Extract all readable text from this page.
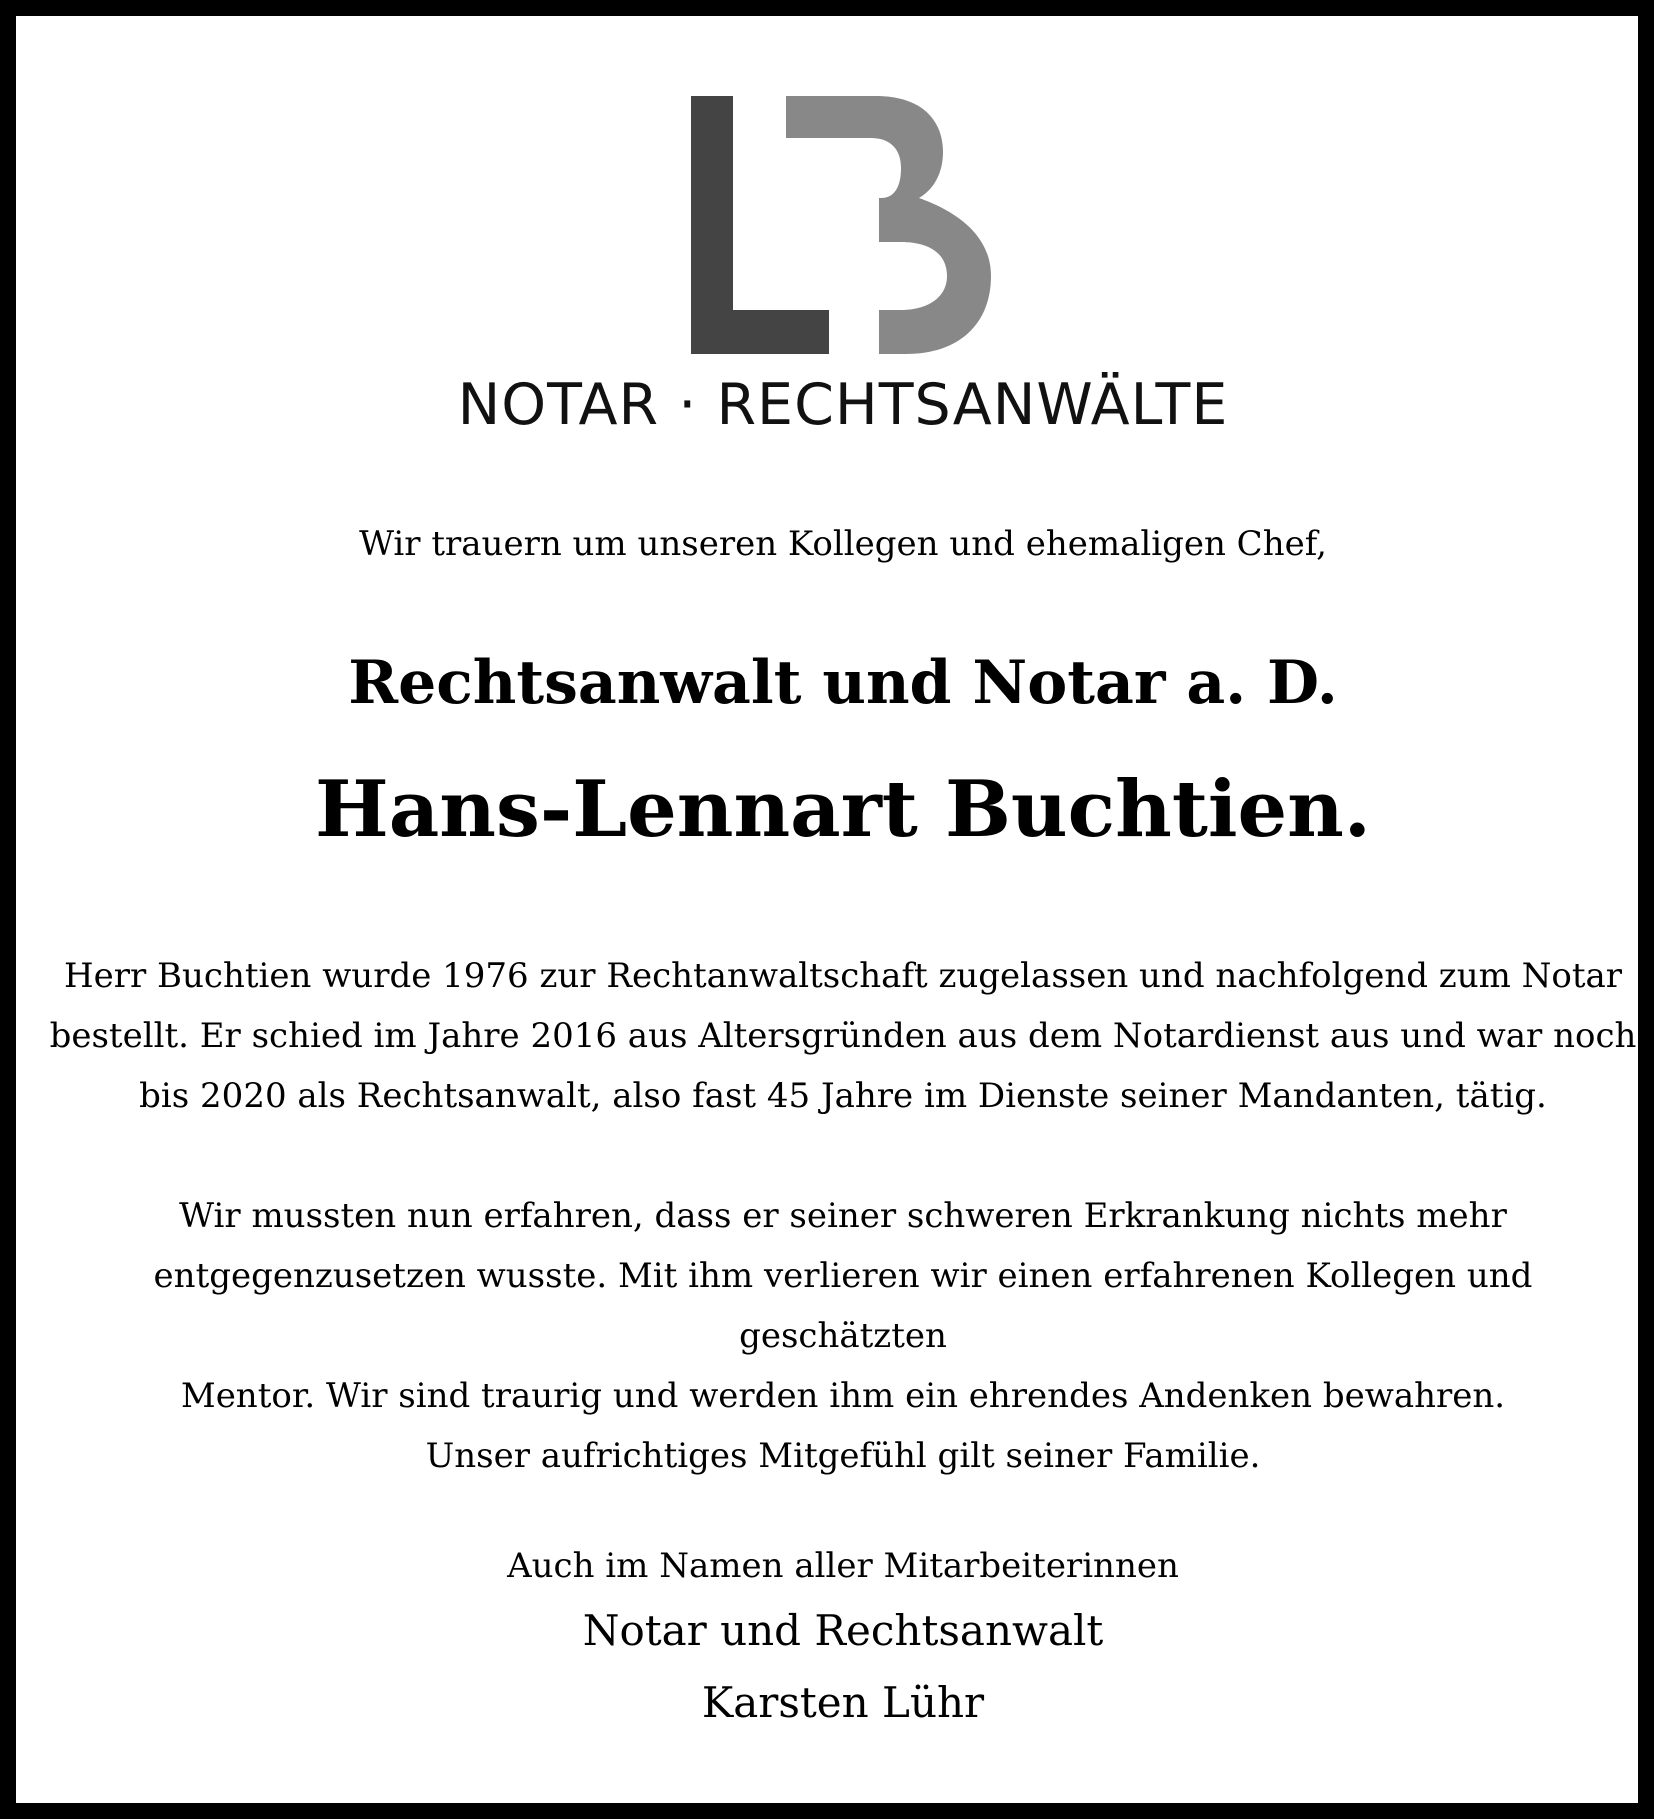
NOTAR · RECHTSANWÄLTE
Wir trauern um unseren Kollegen und ehemaligen Chef,
Rechtsanwalt und Notar a. D.
Hans-Lennart Buchtien.
Herr Buchtien wurde 1976 zur Rechtanwaltschaft zugelassen und nachfolgend zum Notar
bestellt. Er schied im Jahre 2016 aus Altersgründen aus dem Notardienst aus und war noch
bis 2020 als Rechtsanwalt, also fast 45 Jahre im Dienste seiner Mandanten, tätig.
Wir mussten nun erfahren, dass er seiner schweren Erkrankung nichts mehr
entgegenzusetzen wusste. Mit ihm verlieren wir einen erfahrenen Kollegen und geschätzten
Mentor. Wir sind traurig und werden ihm ein ehrendes Andenken bewahren.
Unser aufrichtiges Mitgefühl gilt seiner Familie.
Auch im Namen aller Mitarbeiterinnen
Notar und Rechtsanwalt
Karsten Lühr
